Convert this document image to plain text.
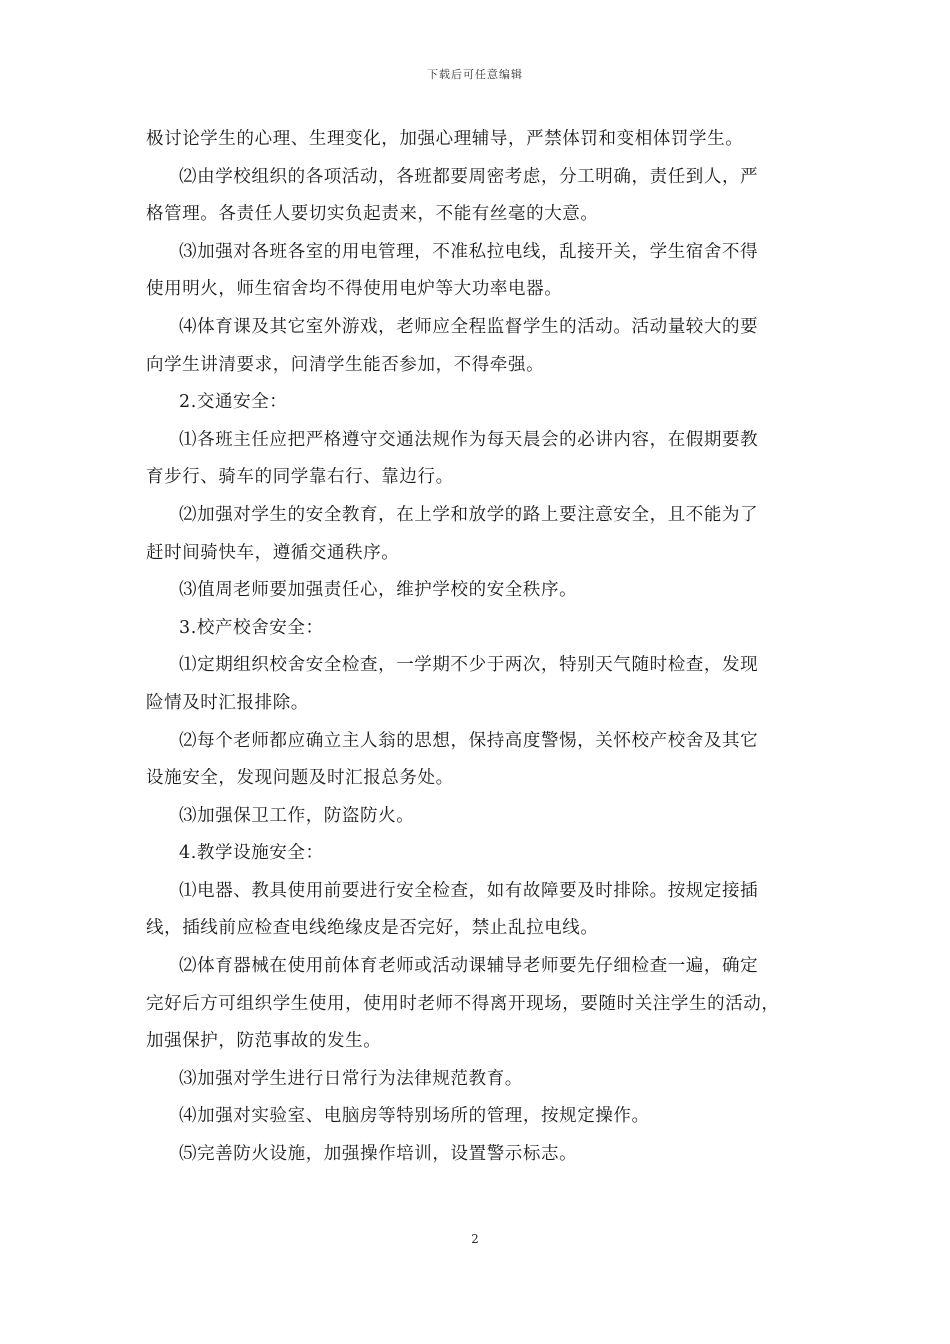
下载后可任意编辑

极讨论学生的心理、生理变化，加强心理辅导，严禁体罚和变相体罚学生。

⑵由学校组织的各项活动，各班都要周密考虑，分工明确，责任到人，严

格管理。各责任人要切实负起责来，不能有丝毫的大意。

⑶加强对各班各室的用电管理，不准私拉电线，乱接开关，学生宿舍不得

使用明火，师生宿舍均不得使用电炉等大功率电器。

⑷体育课及其它室外游戏，老师应全程监督学生的活动。活动量较大的要

向学生讲清要求，问清学生能否参加，不得牵强。

2.交通安全：

⑴各班主任应把严格遵守交通法规作为每天晨会的必讲内容，在假期要教

育步行、骑车的同学靠右行、靠边行。

⑵加强对学生的安全教育，在上学和放学的路上要注意安全，且不能为了

赶时间骑快车，遵循交通秩序。

⑶值周老师要加强责任心，维护学校的安全秩序。

3.校产校舍安全：

⑴定期组织校舍安全检查，一学期不少于两次，特别天气随时检查，发现

险情及时汇报排除。

⑵每个老师都应确立主人翁的思想，保持高度警惕，关怀校产校舍及其它

设施安全，发现问题及时汇报总务处。

⑶加强保卫工作，防盗防火。

4.教学设施安全：

⑴电器、教具使用前要进行安全检查，如有故障要及时排除。按规定接插

线，插线前应检查电线绝缘皮是否完好，禁止乱拉电线。

⑵体育器械在使用前体育老师或活动课辅导老师要先仔细检查一遍，确定

完好后方可组织学生使用，使用时老师不得离开现场，要随时关注学生的活动，

加强保护，防范事故的发生。

⑶加强对学生进行日常行为法律规范教育。

⑷加强对实验室、电脑房等特别场所的管理，按规定操作。

⑸完善防火设施，加强操作培训，设置警示标志。

2
